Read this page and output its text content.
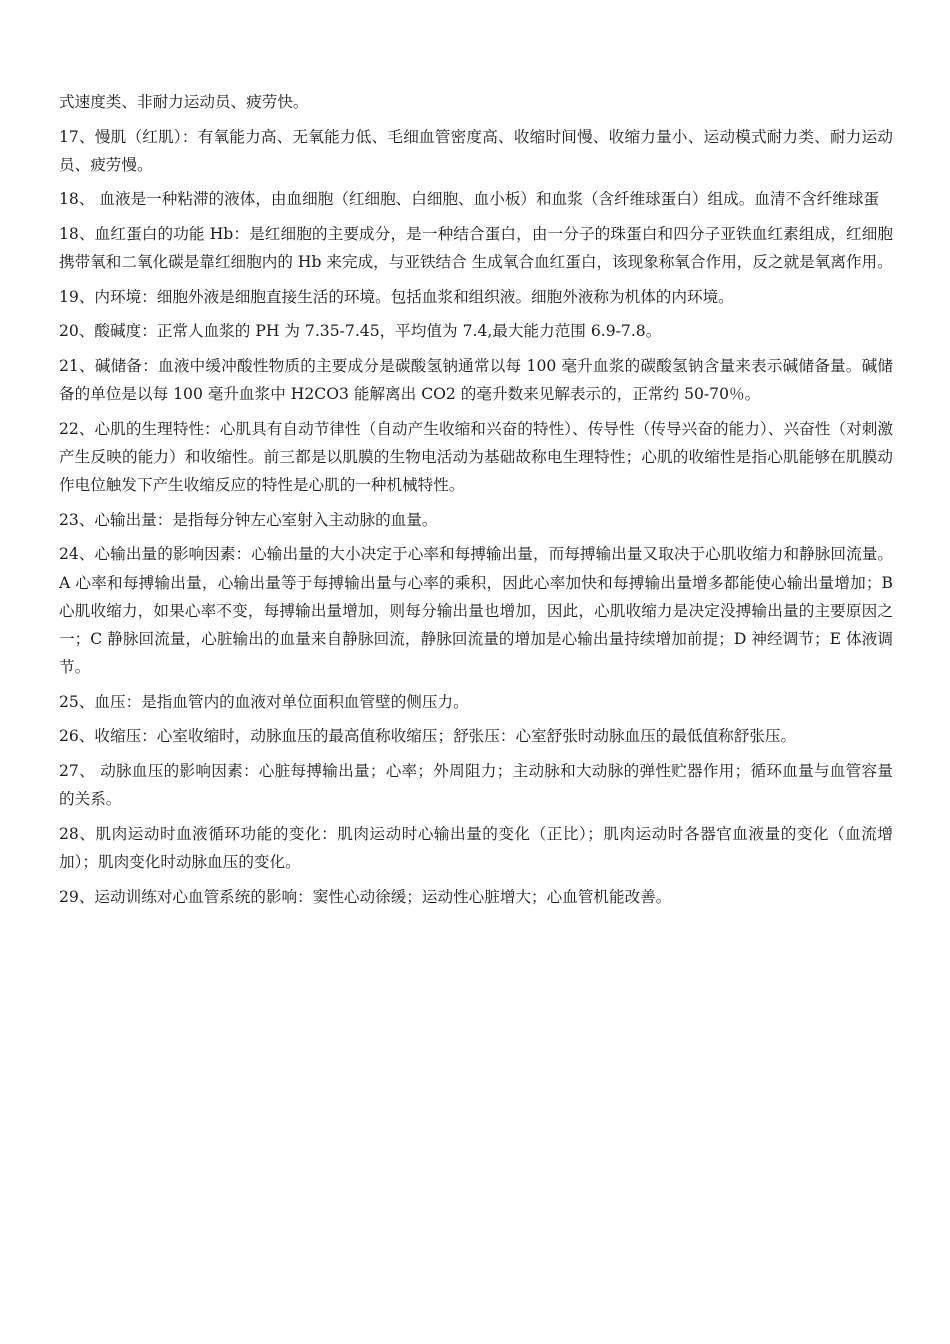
式速度类、非耐力运动员、疲劳快。

17、慢肌（红肌）：有氧能力高、无氧能力低、毛细血管密度高、收缩时间慢、收缩力量小、运动模式耐力类、耐力运动员、疲劳慢。

18、 血液是一种粘滞的液体，由血细胞（红细胞、白细胞、血小板）和血浆（含纤维球蛋白）组成。血清不含纤维球蛋

18、血红蛋白的功能 Hb：是红细胞的主要成分，是一种结合蛋白，由一分子的珠蛋白和四分子亚铁血红素组成，红细胞携带氧和二氧化碳是靠红细胞内的 Hb 来完成，与亚铁结合 生成氧合血红蛋白，该现象称氧合作用，反之就是氧离作用。

19、内环境：细胞外液是细胞直接生活的环境。包括血浆和组织液。细胞外液称为机体的内环境。

20、酸碱度：正常人血浆的 PH 为 7.35-7.45，平均值为 7.4,最大能力范围 6.9-7.8。

21、碱储备：血液中缓冲酸性物质的主要成分是碳酸氢钠通常以每 100 毫升血浆的碳酸氢钠含量来表示碱储备量。碱储备的单位是以每 100 毫升血浆中 H2CO3 能解离出 CO2 的毫升数来见解表示的，正常约 50-70％。

22、心肌的生理特性：心肌具有自动节律性（自动产生收缩和兴奋的特性）、传导性（传导兴奋的能力）、兴奋性（对刺激产生反映的能力）和收缩性。前三都是以肌膜的生物电活动为基础故称电生理特性；心肌的收缩性是指心肌能够在肌膜动作电位触发下产生收缩反应的特性是心肌的一种机械特性。

23、心输出量：是指每分钟左心室射入主动脉的血量。

24、心输出量的影响因素：心输出量的大小决定于心率和每搏输出量，而每搏输出量又取决于心肌收缩力和静脉回流量。A 心率和每搏输出量，心输出量等于每搏输出量与心率的乘积，因此心率加快和每搏输出量增多都能使心输出量增加；B 心肌收缩力，如果心率不变，每搏输出量增加，则每分输出量也增加，因此，心肌收缩力是决定没搏输出量的主要原因之一；C 静脉回流量，心脏输出的血量来自静脉回流，静脉回流量的增加是心输出量持续增加前提；D 神经调节；E 体液调节。

25、血压：是指血管内的血液对单位面积血管壁的侧压力。

26、收缩压：心室收缩时，动脉血压的最高值称收缩压；舒张压：心室舒张时动脉血压的最低值称舒张压。

27、 动脉血压的影响因素：心脏每搏输出量；心率；外周阻力；主动脉和大动脉的弹性贮器作用；循环血量与血管容量的关系。

28、肌肉运动时血液循环功能的变化：肌肉运动时心输出量的变化（正比）；肌肉运动时各器官血液量的变化（血流增加）；肌肉变化时动脉血压的变化。

29、运动训练对心血管系统的影响：窦性心动徐缓；运动性心脏增大；心血管机能改善。
